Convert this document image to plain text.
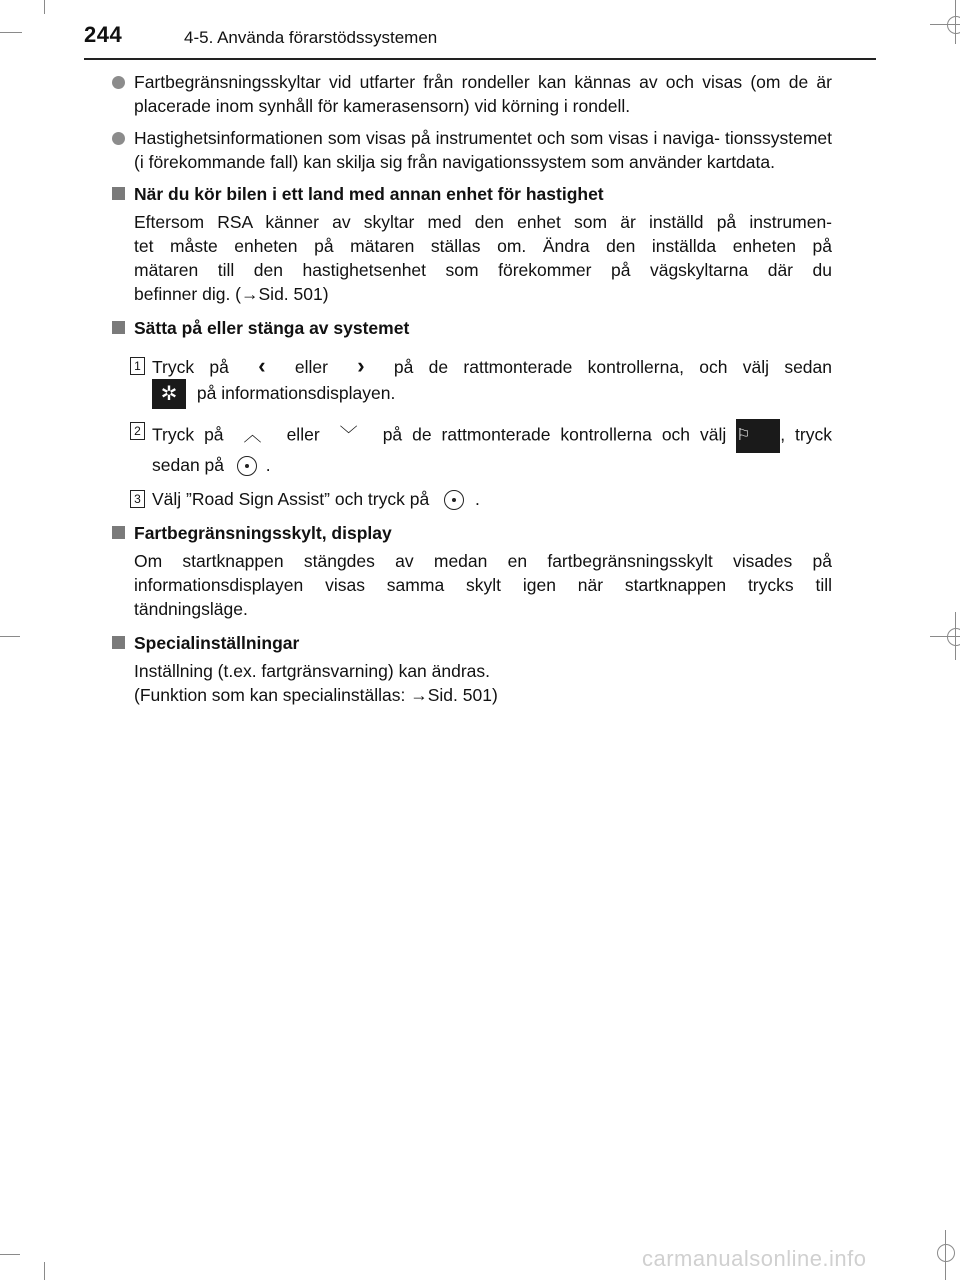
244	4-5. Använda förarstödssystemen
Fartbegränsningsskyltar vid utfarter från rondeller kan kännas av och visas (om de är placerade inom synhåll för kamerasensorn) vid körning i rondell.
Hastighetsinformationen som visas på instrumentet och som visas i naviga- tionssystemet (i förekommande fall) kan skilja sig från navigationssystem som använder kartdata.
När du kör bilen i ett land med annan enhet för hastighet
Eftersom RSA känner av skyltar med den enhet som är inställd på instrumen-
tet måste enheten på mätaren ställas om. Ändra den inställda enheten på
mätaren till den hastighetsenhet som förekommer på vägskyltarna där du
befinner dig. (→Sid. 501)
Sätta på eller stänga av systemet
1 Tryck på ‹ eller › på de rattmonterade kontrollerna, och välj sedan
✲ på informationsdisplayen.
2 Tryck på ︿ eller ﹀ på de rattmonterade kontrollerna och välj ⚐ , tryck
sedan på .
3 Välj ”Road Sign Assist” och tryck på	.
Fartbegränsningsskylt, display
Om startknappen stängdes av medan en fartbegränsningsskylt visades på
informationsdisplayen visas samma skylt igen när startknappen trycks till
tändningsläge.
Specialinställningar
Inställning (t.ex. fartgränsvarning) kan ändras.
(Funktion som kan specialinställas: →Sid. 501)
carmanualsonline.info
